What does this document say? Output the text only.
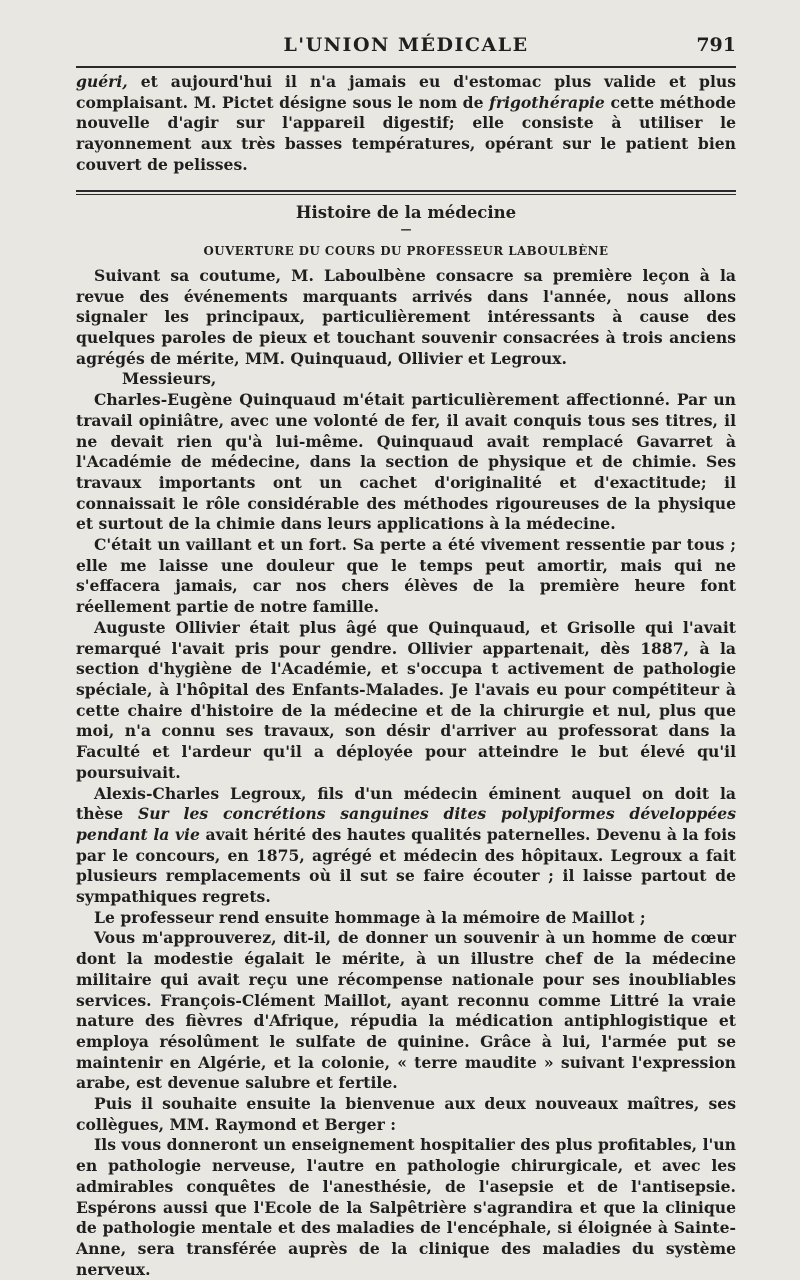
L'UNION MÉDICALE	791

guéri, et aujourd'hui il n'a jamais eu d'estomac plus valide et plus complaisant. M. Pictet désigne sous le nom de frigothérapie cette méthode nouvelle d'agir sur l'appareil digestif; elle consiste à utiliser le rayonnement aux très basses températures, opérant sur le patient bien couvert de pelisses.

Histoire de la médecine
—
OUVERTURE DU COURS DU PROFESSEUR LABOULBÈNE

Suivant sa coutume, M. Laboulbène consacre sa première leçon à la revue des événements marquants arrivés dans l'année, nous allons signaler les principaux, particulièrement intéressants à cause des quelques paroles de pieux et touchant souvenir consacrées à trois anciens agrégés de mérite, MM. Quinquaud, Ollivier et Legroux.

Messieurs,

Charles-Eugène Quinquaud m'était particulièrement affectionné. Par un travail opiniâtre, avec une volonté de fer, il avait conquis tous ses titres, il ne devait rien qu'à lui-même. Quinquaud avait remplacé Gavarret à l'Académie de médecine, dans la section de physique et de chimie. Ses travaux importants ont un cachet d'originalité et d'exactitude; il connaissait le rôle considérable des méthodes rigoureuses de la physique et surtout de la chimie dans leurs applications à la médecine.

C'était un vaillant et un fort. Sa perte a été vivement ressentie par tous ; elle me laisse une douleur que le temps peut amortir, mais qui ne s'effacera jamais, car nos chers élèves de la première heure font réellement partie de notre famille.

Auguste Ollivier était plus âgé que Quinquaud, et Grisolle qui l'avait remarqué l'avait pris pour gendre. Ollivier appartenait, dès 1887, à la section d'hygiène de l'Académie, et s'occupa t activement de pathologie spéciale, à l'hôpital des Enfants-Malades. Je l'avais eu pour compétiteur à cette chaire d'histoire de la médecine et de la chirurgie et nul, plus que moi, n'a connu ses travaux, son désir d'arriver au professorat dans la Faculté et l'ardeur qu'il a déployée pour atteindre le but élevé qu'il poursuivait.

Alexis-Charles Legroux, fils d'un médecin éminent auquel on doit la thèse Sur les concrétions sanguines dites polypiformes développées pendant la vie avait hérité des hautes qualités paternelles. Devenu à la fois par le concours, en 1875, agrégé et médecin des hôpitaux. Legroux a fait plusieurs remplacements où il sut se faire écouter ; il laisse partout de sympathiques regrets.

Le professeur rend ensuite hommage à la mémoire de Maillot ;

Vous m'approuverez, dit-il, de donner un souvenir à un homme de cœur dont la modestie égalait le mérite, à un illustre chef de la médecine militaire qui avait reçu une récompense nationale pour ses inoubliables services. François-Clément Maillot, ayant reconnu comme Littré la vraie nature des fièvres d'Afrique, répudia la médication antiphlogistique et employa résolûment le sulfate de quinine. Grâce à lui, l'armée put se maintenir en Algérie, et la colonie, « terre maudite » suivant l'expression arabe, est devenue salubre et fertile.

Puis il souhaite ensuite la bienvenue aux deux nouveaux maîtres, ses collègues, MM. Raymond et Berger :

Ils vous donneront un enseignement hospitalier des plus profitables, l'un en pathologie nerveuse, l'autre en pathologie chirurgicale, et avec les admirables conquêtes de l'anesthésie, de l'asepsie et de l'antisepsie. Espérons aussi que l'Ecole de la Salpêtrière s'agrandira et que la clinique de pathologie mentale et des maladies de l'encéphale, si éloignée à Sainte-Anne, sera transférée auprès de la clinique des maladies du système nerveux.
